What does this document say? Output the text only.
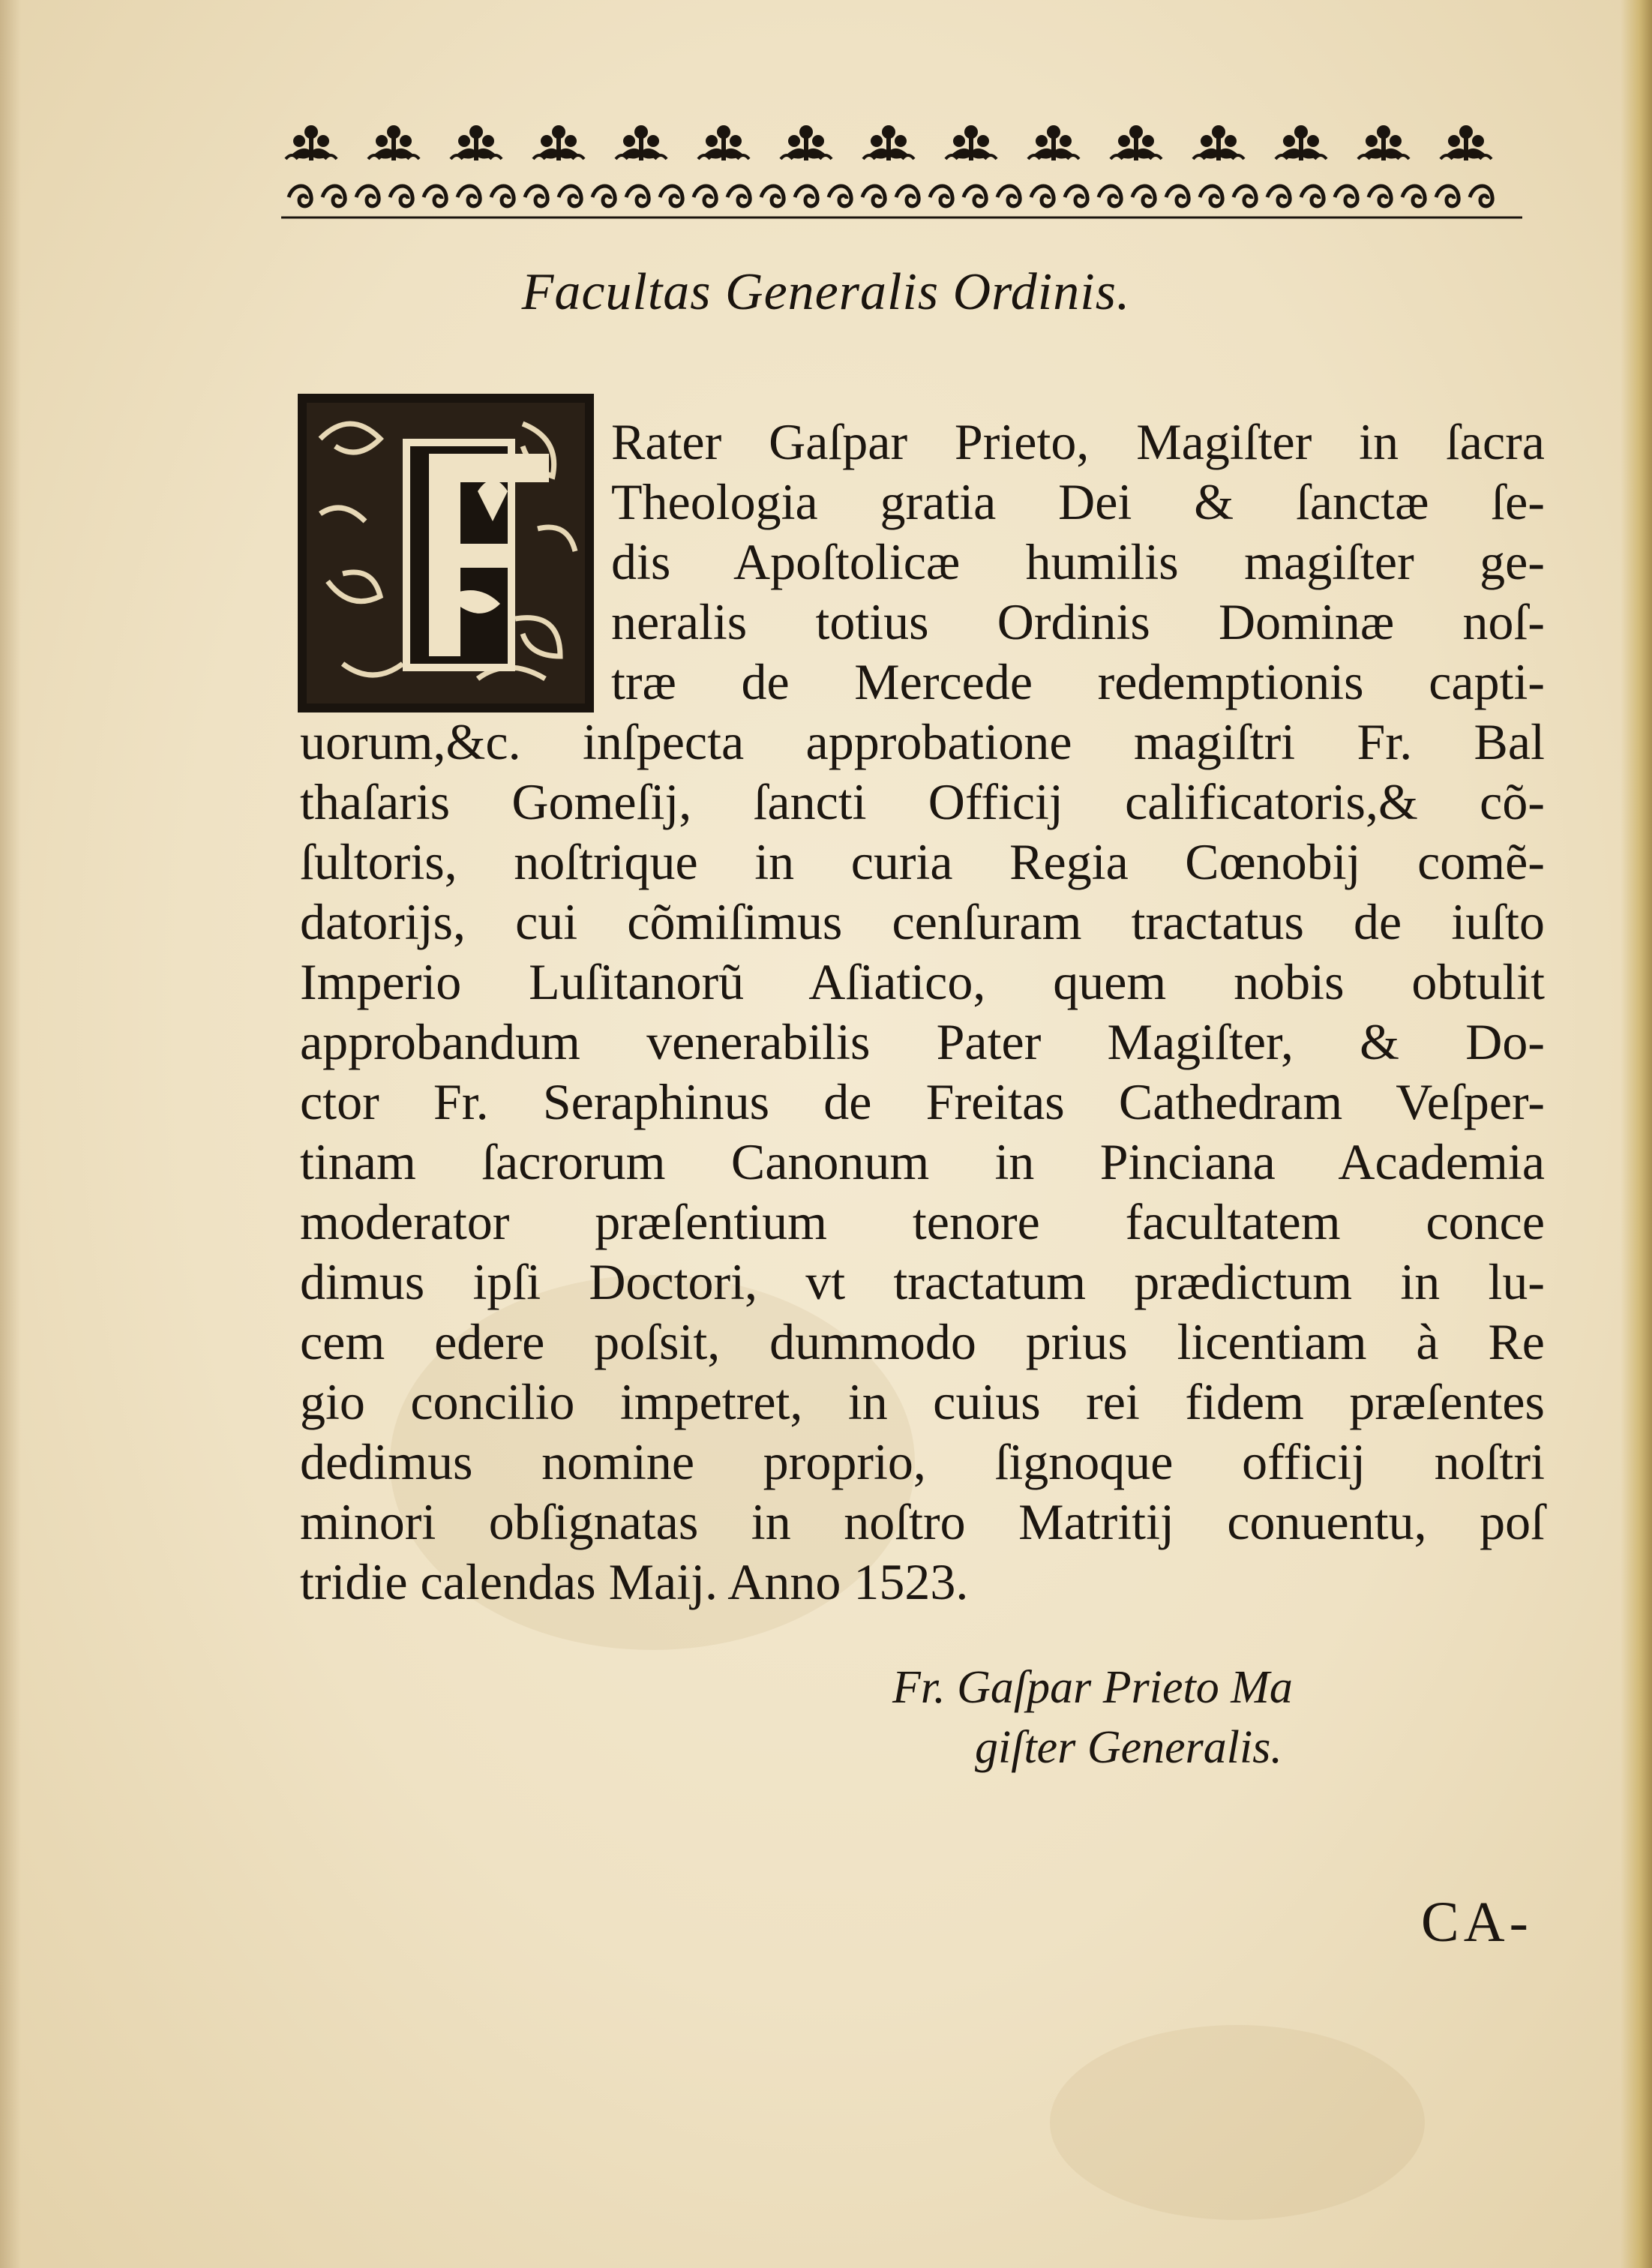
Facultas Generalis Ordinis.
Rater Gaſpar Prieto, Magiſter in ſacra
Theologia gratia Dei & ſanctæ ſe-
dis Apoſtolicæ humilis magiſter ge-
neralis totius Ordinis Dominæ noſ-
træ de Mercede redemptionis capti-
uorum,&c. inſpecta approbatione magiſtri Fr. Bal
thaſaris Gomeſij, ſancti Officij calificatoris,& cõ-
ſultoris, noſtrique in curia Regia Cœnobij comẽ-
datorijs, cui cõmiſimus cenſuram tractatus de iuſto
Imperio Luſitanorũ Aſiatico, quem nobis obtulit
approbandum venerabilis Pater Magiſter, & Do-
ctor Fr. Seraphinus de Freitas Cathedram Veſper-
tinam ſacrorum Canonum in Pinciana Academia
moderator præſentium tenore facultatem conce
dimus ipſi Doctori, vt tractatum prædictum in lu-
cem edere poſsit, dummodo prius licentiam à Re
gio concilio impetret, in cuius rei fidem præſentes
dedimus nomine proprio, ſignoque officij noſtri
minori obſignatas in noſtro Matritij conuentu, poſ
tridie calendas Maij. Anno 1523.
Fr. Gaſpar Prieto Ma
giſter Generalis.
CA-
